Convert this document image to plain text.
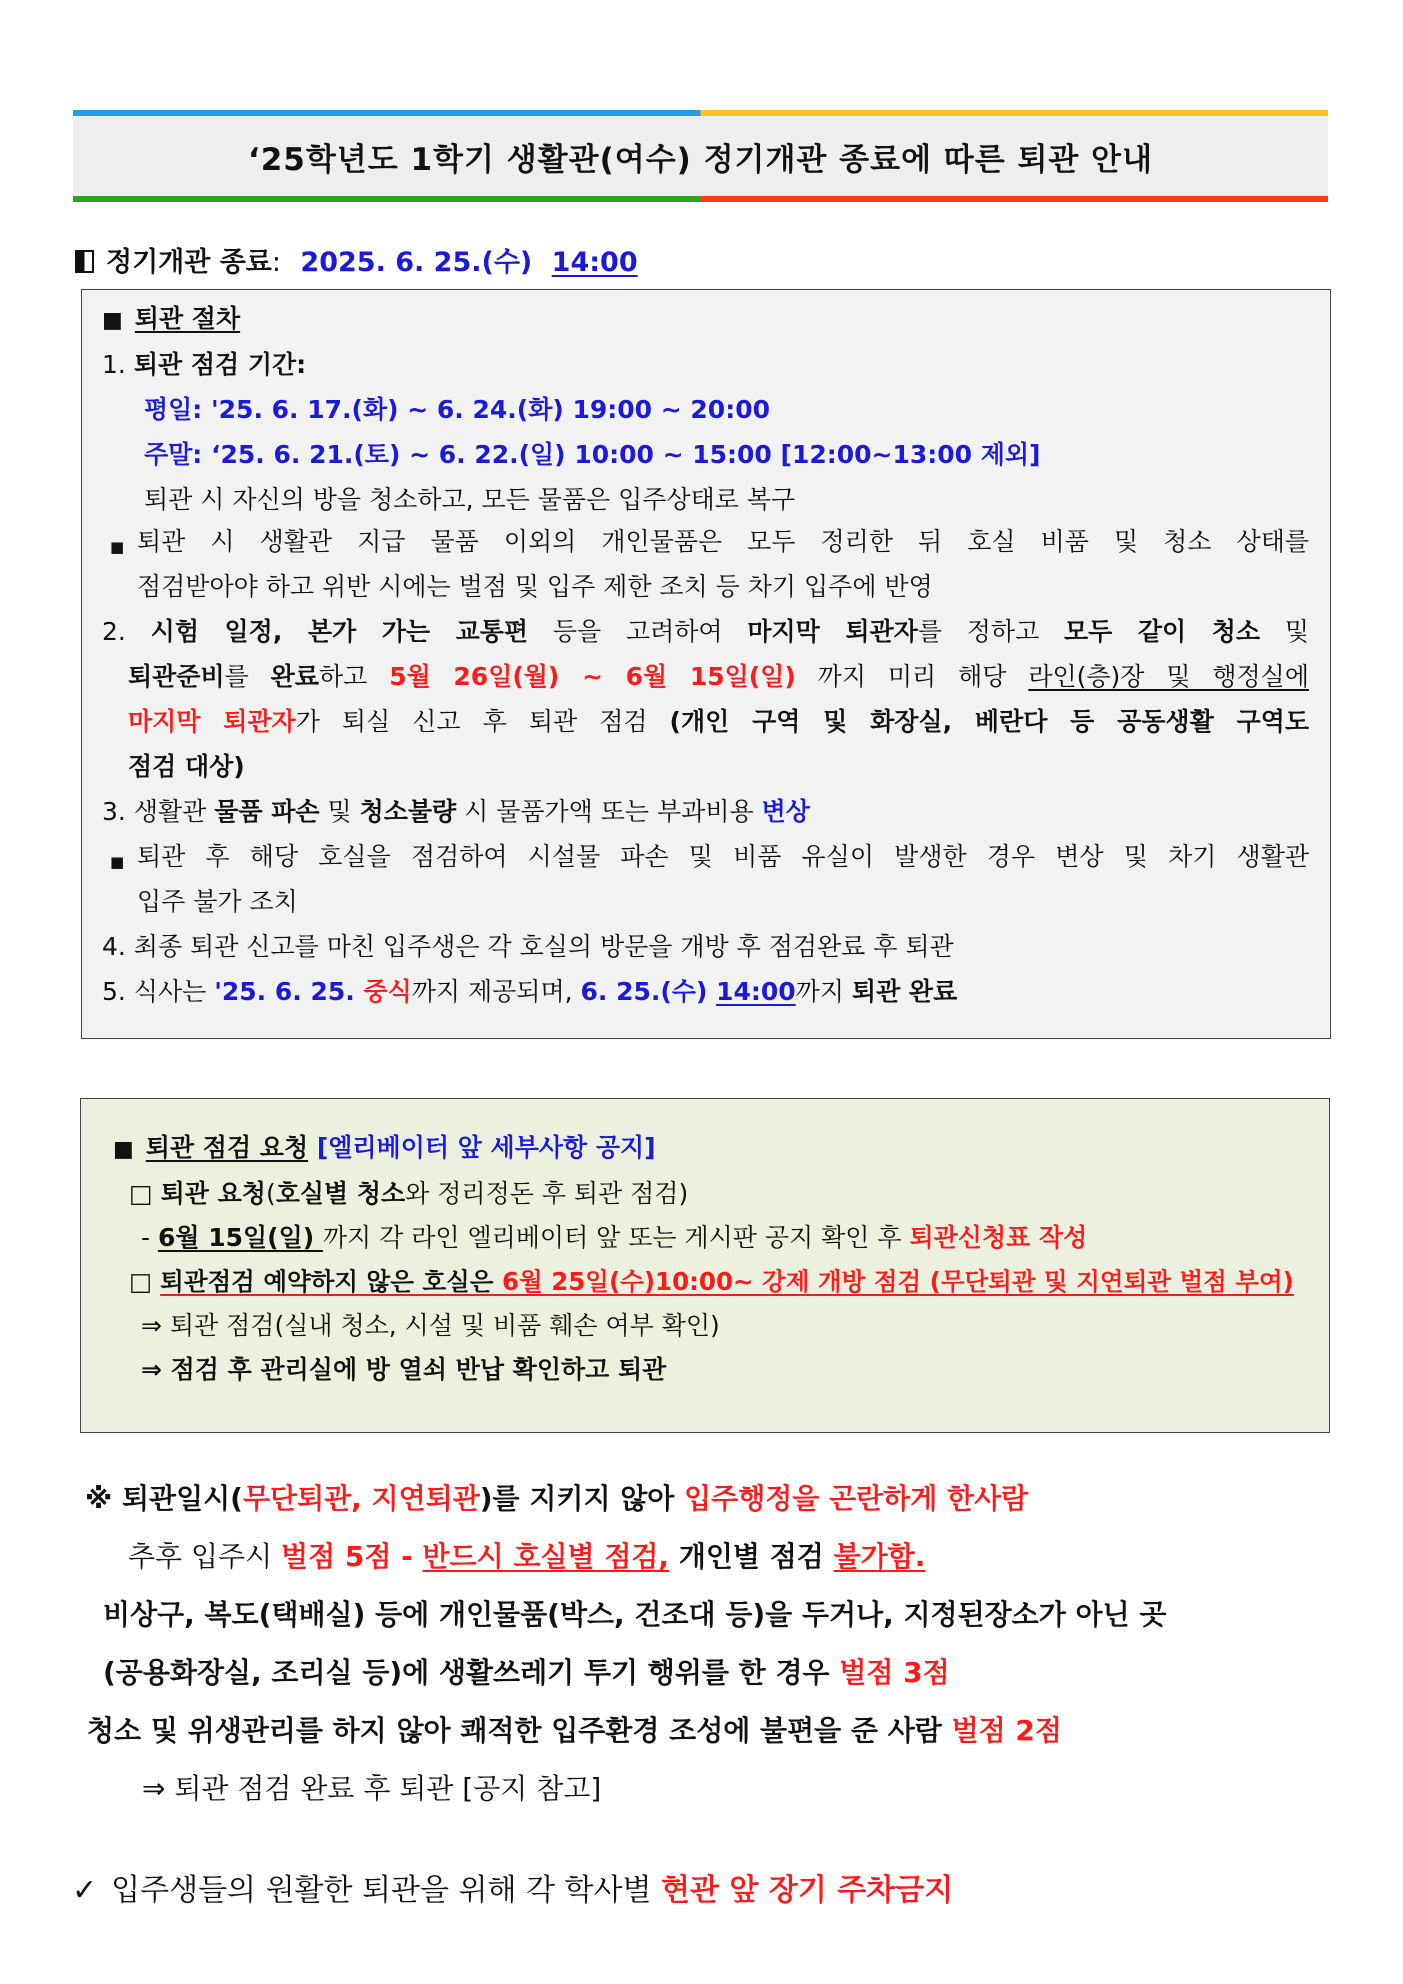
‘25학년도 1학기 생활관(여수) 정기개관 종료에 따른 퇴관 안내
정기개관 종료: 2025. 6. 25.(수) 14:00
■ 퇴관 절차
1. 퇴관 점검 기간:
평일: '25. 6. 17.(화) ~ 6. 24.(화) 19:00 ~ 20:00
주말: ‘25. 6. 21.(토) ~ 6. 22.(일) 10:00 ~ 15:00 [12:00~13:00 제외]
퇴관 시 자신의 방을 청소하고, 모든 물품은 입주상태로 복구
■ 퇴관 시 생활관 지급 물품 이외의 개인물품은 모두 정리한 뒤 호실 비품 및 청소 상태를
점검받아야 하고 위반 시에는 벌점 및 입주 제한 조치 등 차기 입주에 반영
2. 시험 일정, 본가 가는 교통편 등을 고려하여 마지막 퇴관자를 정하고 모두 같이 청소 및
퇴관준비를 완료하고 5월 26일(월) ~ 6월 15일(일) 까지 미리 해당 라인(층)장 및 행정실에
마지막 퇴관자가 퇴실 신고 후 퇴관 점검 (개인 구역 및 화장실, 베란다 등 공동생활 구역도
점검 대상)
3. 생활관 물품 파손 및 청소불량 시 물품가액 또는 부과비용 변상
■ 퇴관 후 해당 호실을 점검하여 시설물 파손 및 비품 유실이 발생한 경우 변상 및 차기 생활관
입주 불가 조치
4. 최종 퇴관 신고를 마친 입주생은 각 호실의 방문을 개방 후 점검완료 후 퇴관
5. 식사는 '25. 6. 25. 중식까지 제공되며, 6. 25.(수) 14:00까지 퇴관 완료
■ 퇴관 점검 요청 [엘리베이터 앞 세부사항 공지]
□ 퇴관 요청(호실별 청소와 정리정돈 후 퇴관 점검)
- 6월 15일(일) 까지 각 라인 엘리베이터 앞 또는 게시판 공지 확인 후 퇴관신청표 작성
□ 퇴관점검 예약하지 않은 호실은 6월 25일(수)10:00~ 강제 개방 점검 (무단퇴관 및 지연퇴관 벌점 부여)
⇒ 퇴관 점검(실내 청소, 시설 및 비품 훼손 여부 확인)
⇒ 점검 후 관리실에 방 열쇠 반납 확인하고 퇴관
※ 퇴관일시(무단퇴관, 지연퇴관)를 지키지 않아 입주행정을 곤란하게 한사람
추후 입주시 벌점 5점 - 반드시 호실별 점검, 개인별 점검 불가함.
비상구, 복도(택배실) 등에 개인물품(박스, 건조대 등)을 두거나, 지정된장소가 아닌 곳
(공용화장실, 조리실 등)에 생활쓰레기 투기 행위를 한 경우 벌점 3점
청소 및 위생관리를 하지 않아 쾌적한 입주환경 조성에 불편을 준 사람 벌점 2점
⇒ 퇴관 점검 완료 후 퇴관 [공지 참고]
✓ 입주생들의 원활한 퇴관을 위해 각 학사별 현관 앞 장기 주차금지
